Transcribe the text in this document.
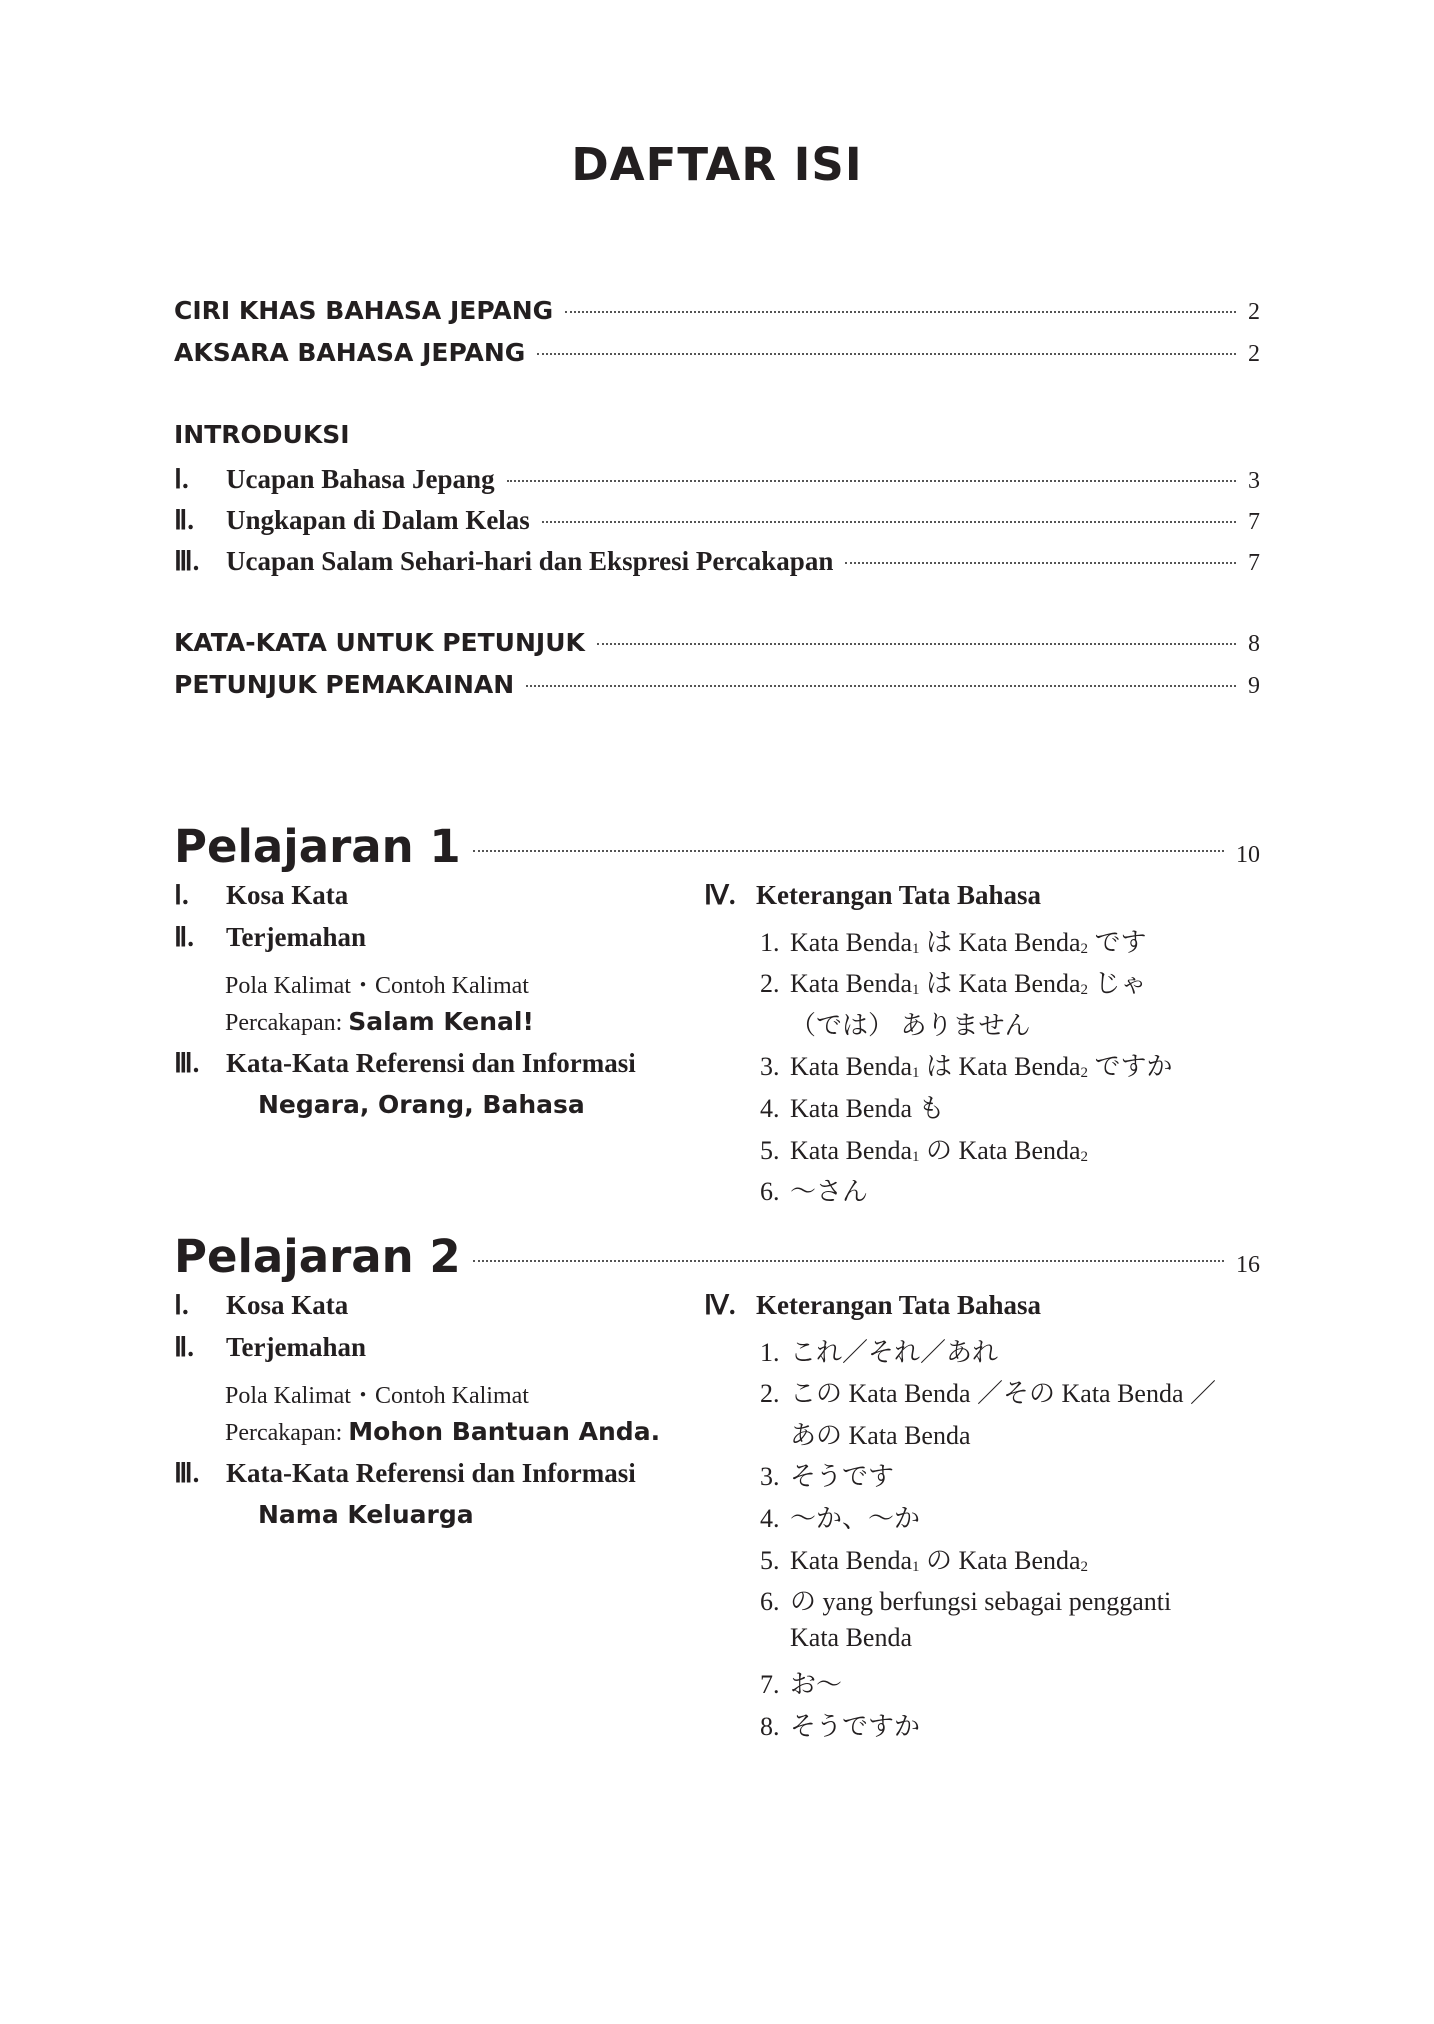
DAFTAR ISI
CIRI KHAS BAHASA JEPANG	2
AKSARA BAHASA JEPANG	2
INTRODUKSI
Ⅰ. Ucapan Bahasa Jepang	3
Ⅱ. Ungkapan di Dalam Kelas	7
Ⅲ. Ucapan Salam Sehari-hari dan Ekspresi Percakapan	7
KATA-KATA UNTUK PETUNJUK	8
PETUNJUK PEMAKAINAN	9
Pelajaran 1	10
Ⅰ. Kosa Kata
Ⅱ. Terjemahan
Pola Kalimat・Contoh Kalimat
Percakapan: Salam Kenal!
Ⅲ. Kata-Kata Referensi dan Informasi
Negara, Orang, Bahasa
Ⅳ. Keterangan Tata Bahasa
1. Kata Benda$_1$ は Kata Benda$_2$ です
2. Kata Benda$_1$ は Kata Benda$_2$ じゃ
（では） ありません
3. Kata Benda$_1$ は Kata Benda$_2$ ですか
4. Kata Benda も
5. Kata Benda$_1$ の Kata Benda$_2$
6. ～さん
Pelajaran 2	16
Ⅰ. Kosa Kata
Ⅱ. Terjemahan
Pola Kalimat・Contoh Kalimat
Percakapan: Mohon Bantuan Anda.
Ⅲ. Kata-Kata Referensi dan Informasi
Nama Keluarga
Ⅳ. Keterangan Tata Bahasa
1. これ／それ／あれ
2. この Kata Benda ／その Kata Benda ／
あの Kata Benda
3. そうです
4. ～か、～か
5. Kata Benda$_1$ の Kata Benda$_2$
6. の yang berfungsi sebagai pengganti
Kata Benda
7. お～
8. そうですか
